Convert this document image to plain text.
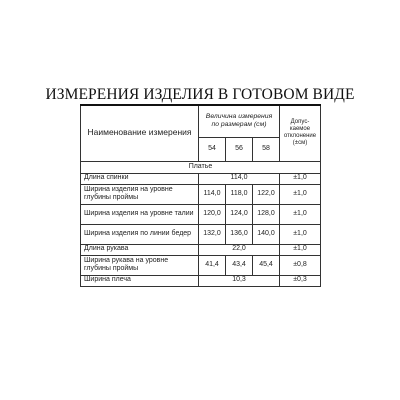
ИЗМЕРЕНИЯ ИЗДЕЛИЯ В ГОТОВОМ ВИДЕ
Наименование измерения	Величина измерения по размерам (см)			Допус-каемое отклонение (±см)
	54	56	58	
Платье				
Длина спинки	114,0			±1,0
Ширина изделия на уровне глубины проймы	114,0	118,0	122,0	±1,0
Ширина изделия на уровне талии	120,0	124,0	128,0	±1,0
Ширина изделия по линии бедер	132,0	136,0	140,0	±1,0
Длина рукава	22,0			±1,0
Ширина рукава на уровне глубины проймы	41,4	43,4	45,4	±0,8
Ширина плеча	10,3			±0,3
